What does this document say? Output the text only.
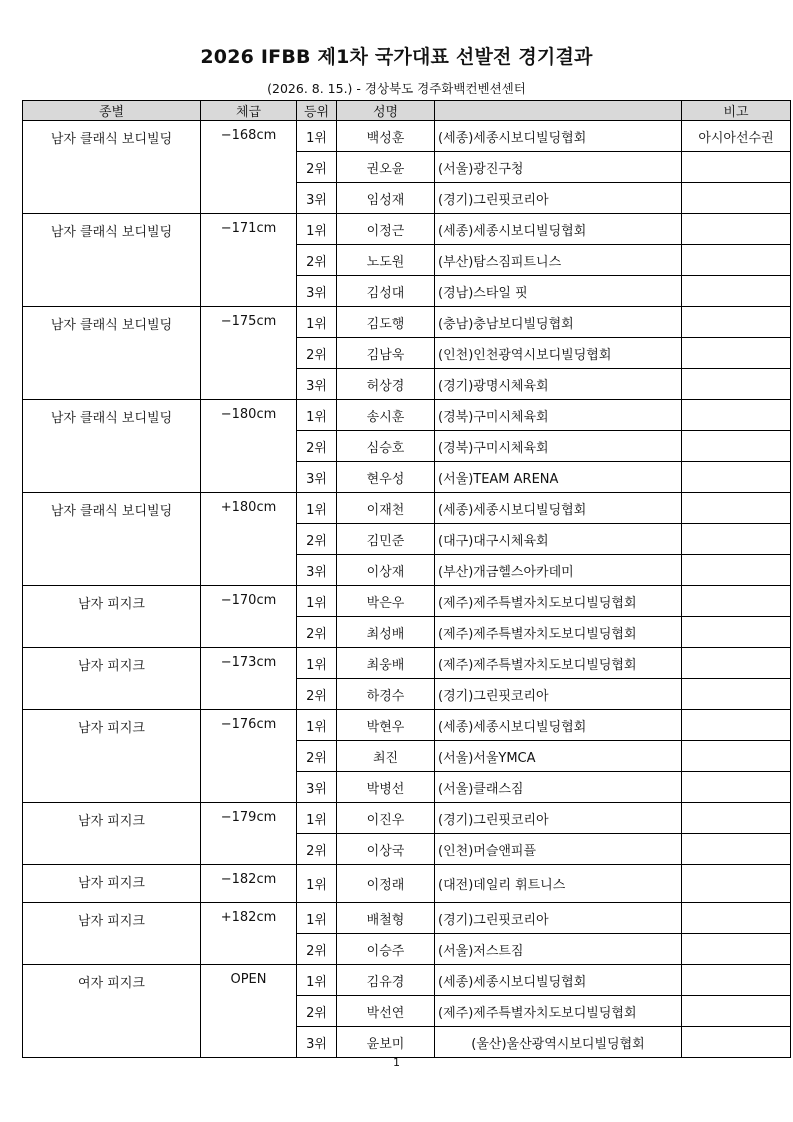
2026 IFBB 제1차 국가대표 선발전 경기결과
(2026. 8. 15.) - 경상북도 경주화백컨벤션센터
종별	체급	등위	성명		비고
남자 클래식 보디빌딩	−168cm	1위	백성훈	(세종)세종시보디빌딩협회	아시아선수권
		2위	권오윤	(서울)광진구청	
		3위	임성재	(경기)그린핏코리아	
남자 클래식 보디빌딩	−171cm	1위	이정근	(세종)세종시보디빌딩협회	
		2위	노도원	(부산)탐스짐피트니스	
		3위	김성대	(경남)스타일 핏	
남자 클래식 보디빌딩	−175cm	1위	김도행	(충남)충남보디빌딩협회	
		2위	김남욱	(인천)인천광역시보디빌딩협회	
		3위	허상경	(경기)광명시체육회	
남자 클래식 보디빌딩	−180cm	1위	송시훈	(경북)구미시체육회	
		2위	심승호	(경북)구미시체육회	
		3위	현우성	(서울)TEAM ARENA	
남자 클래식 보디빌딩	+180cm	1위	이재천	(세종)세종시보디빌딩협회	
		2위	김민준	(대구)대구시체육회	
		3위	이상재	(부산)개금헬스아카데미	
남자 피지크	−170cm	1위	박은우	(제주)제주특별자치도보디빌딩협회	
		2위	최성배	(제주)제주특별자치도보디빌딩협회	
남자 피지크	−173cm	1위	최웅배	(제주)제주특별자치도보디빌딩협회	
		2위	하경수	(경기)그린핏코리아	
남자 피지크	−176cm	1위	박현우	(세종)세종시보디빌딩협회	
		2위	최진	(서울)서울YMCA	
		3위	박병선	(서울)클래스짐	
남자 피지크	−179cm	1위	이진우	(경기)그린핏코리아	
		2위	이상국	(인천)머슬앤피플	
남자 피지크	−182cm	1위	이정래	(대전)데일리 휘트니스	
남자 피지크	+182cm	1위	배철형	(경기)그린핏코리아	
		2위	이승주	(서울)저스트짐	
여자 피지크	OPEN	1위	김유경	(세종)세종시보디빌딩협회	
		2위	박선연	(제주)제주특별자치도보디빌딩협회	
		3위	윤보미	(울산)울산광역시보디빌딩협회	
1
